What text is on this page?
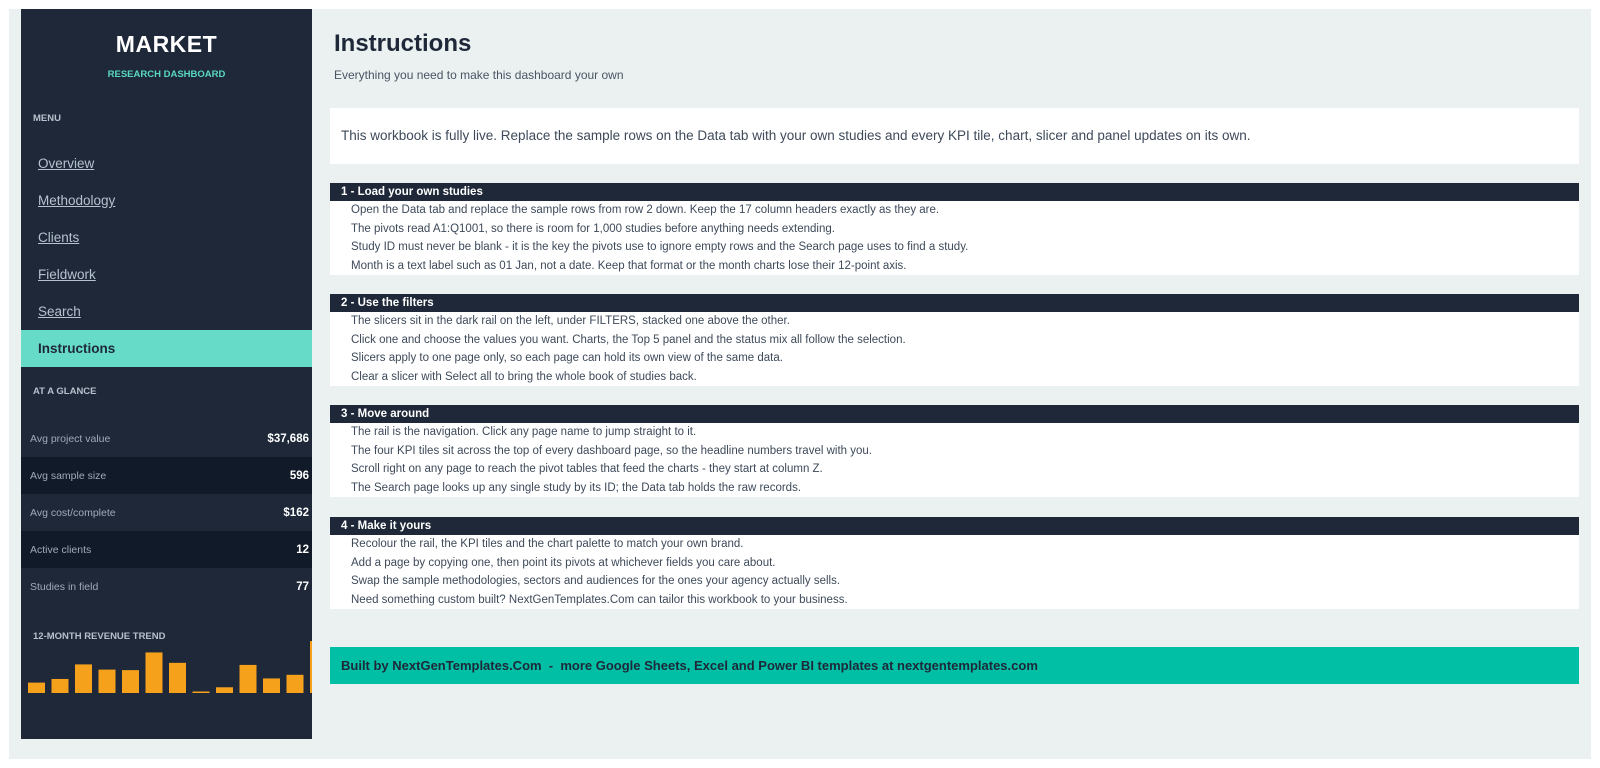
MARKET
RESEARCH DASHBOARD
MENU
Overview
Methodology
Clients
Fieldwork
Search
Instructions
AT A GLANCE
Avg project value	$37,686
Avg sample size	596
Avg cost/complete	$162
Active clients	12
Studies in field	77
12-MONTH REVENUE TREND
Instructions
Everything you need to make this dashboard your own
This workbook is fully live. Replace the sample rows on the Data tab with your own studies and every KPI tile, chart, slicer and panel updates on its own.
1 - Load your own studies
Open the Data tab and replace the sample rows from row 2 down. Keep the 17 column headers exactly as they are.
The pivots read A1:Q1001, so there is room for 1,000 studies before anything needs extending.
Study ID must never be blank - it is the key the pivots use to ignore empty rows and the Search page uses to find a study.
Month is a text label such as 01 Jan, not a date. Keep that format or the month charts lose their 12-point axis.
2 - Use the filters
The slicers sit in the dark rail on the left, under FILTERS, stacked one above the other.
Click one and choose the values you want. Charts, the Top 5 panel and the status mix all follow the selection.
Slicers apply to one page only, so each page can hold its own view of the same data.
Clear a slicer with Select all to bring the whole book of studies back.
3 - Move around
The rail is the navigation. Click any page name to jump straight to it.
The four KPI tiles sit across the top of every dashboard page, so the headline numbers travel with you.
Scroll right on any page to reach the pivot tables that feed the charts - they start at column Z.
The Search page looks up any single study by its ID; the Data tab holds the raw records.
4 - Make it yours
Recolour the rail, the KPI tiles and the chart palette to match your own brand.
Add a page by copying one, then point its pivots at whichever fields you care about.
Swap the sample methodologies, sectors and audiences for the ones your agency actually sells.
Need something custom built? NextGenTemplates.Com can tailor this workbook to your business.
Built by NextGenTemplates.Com  -  more Google Sheets, Excel and Power BI templates at nextgentemplates.com
